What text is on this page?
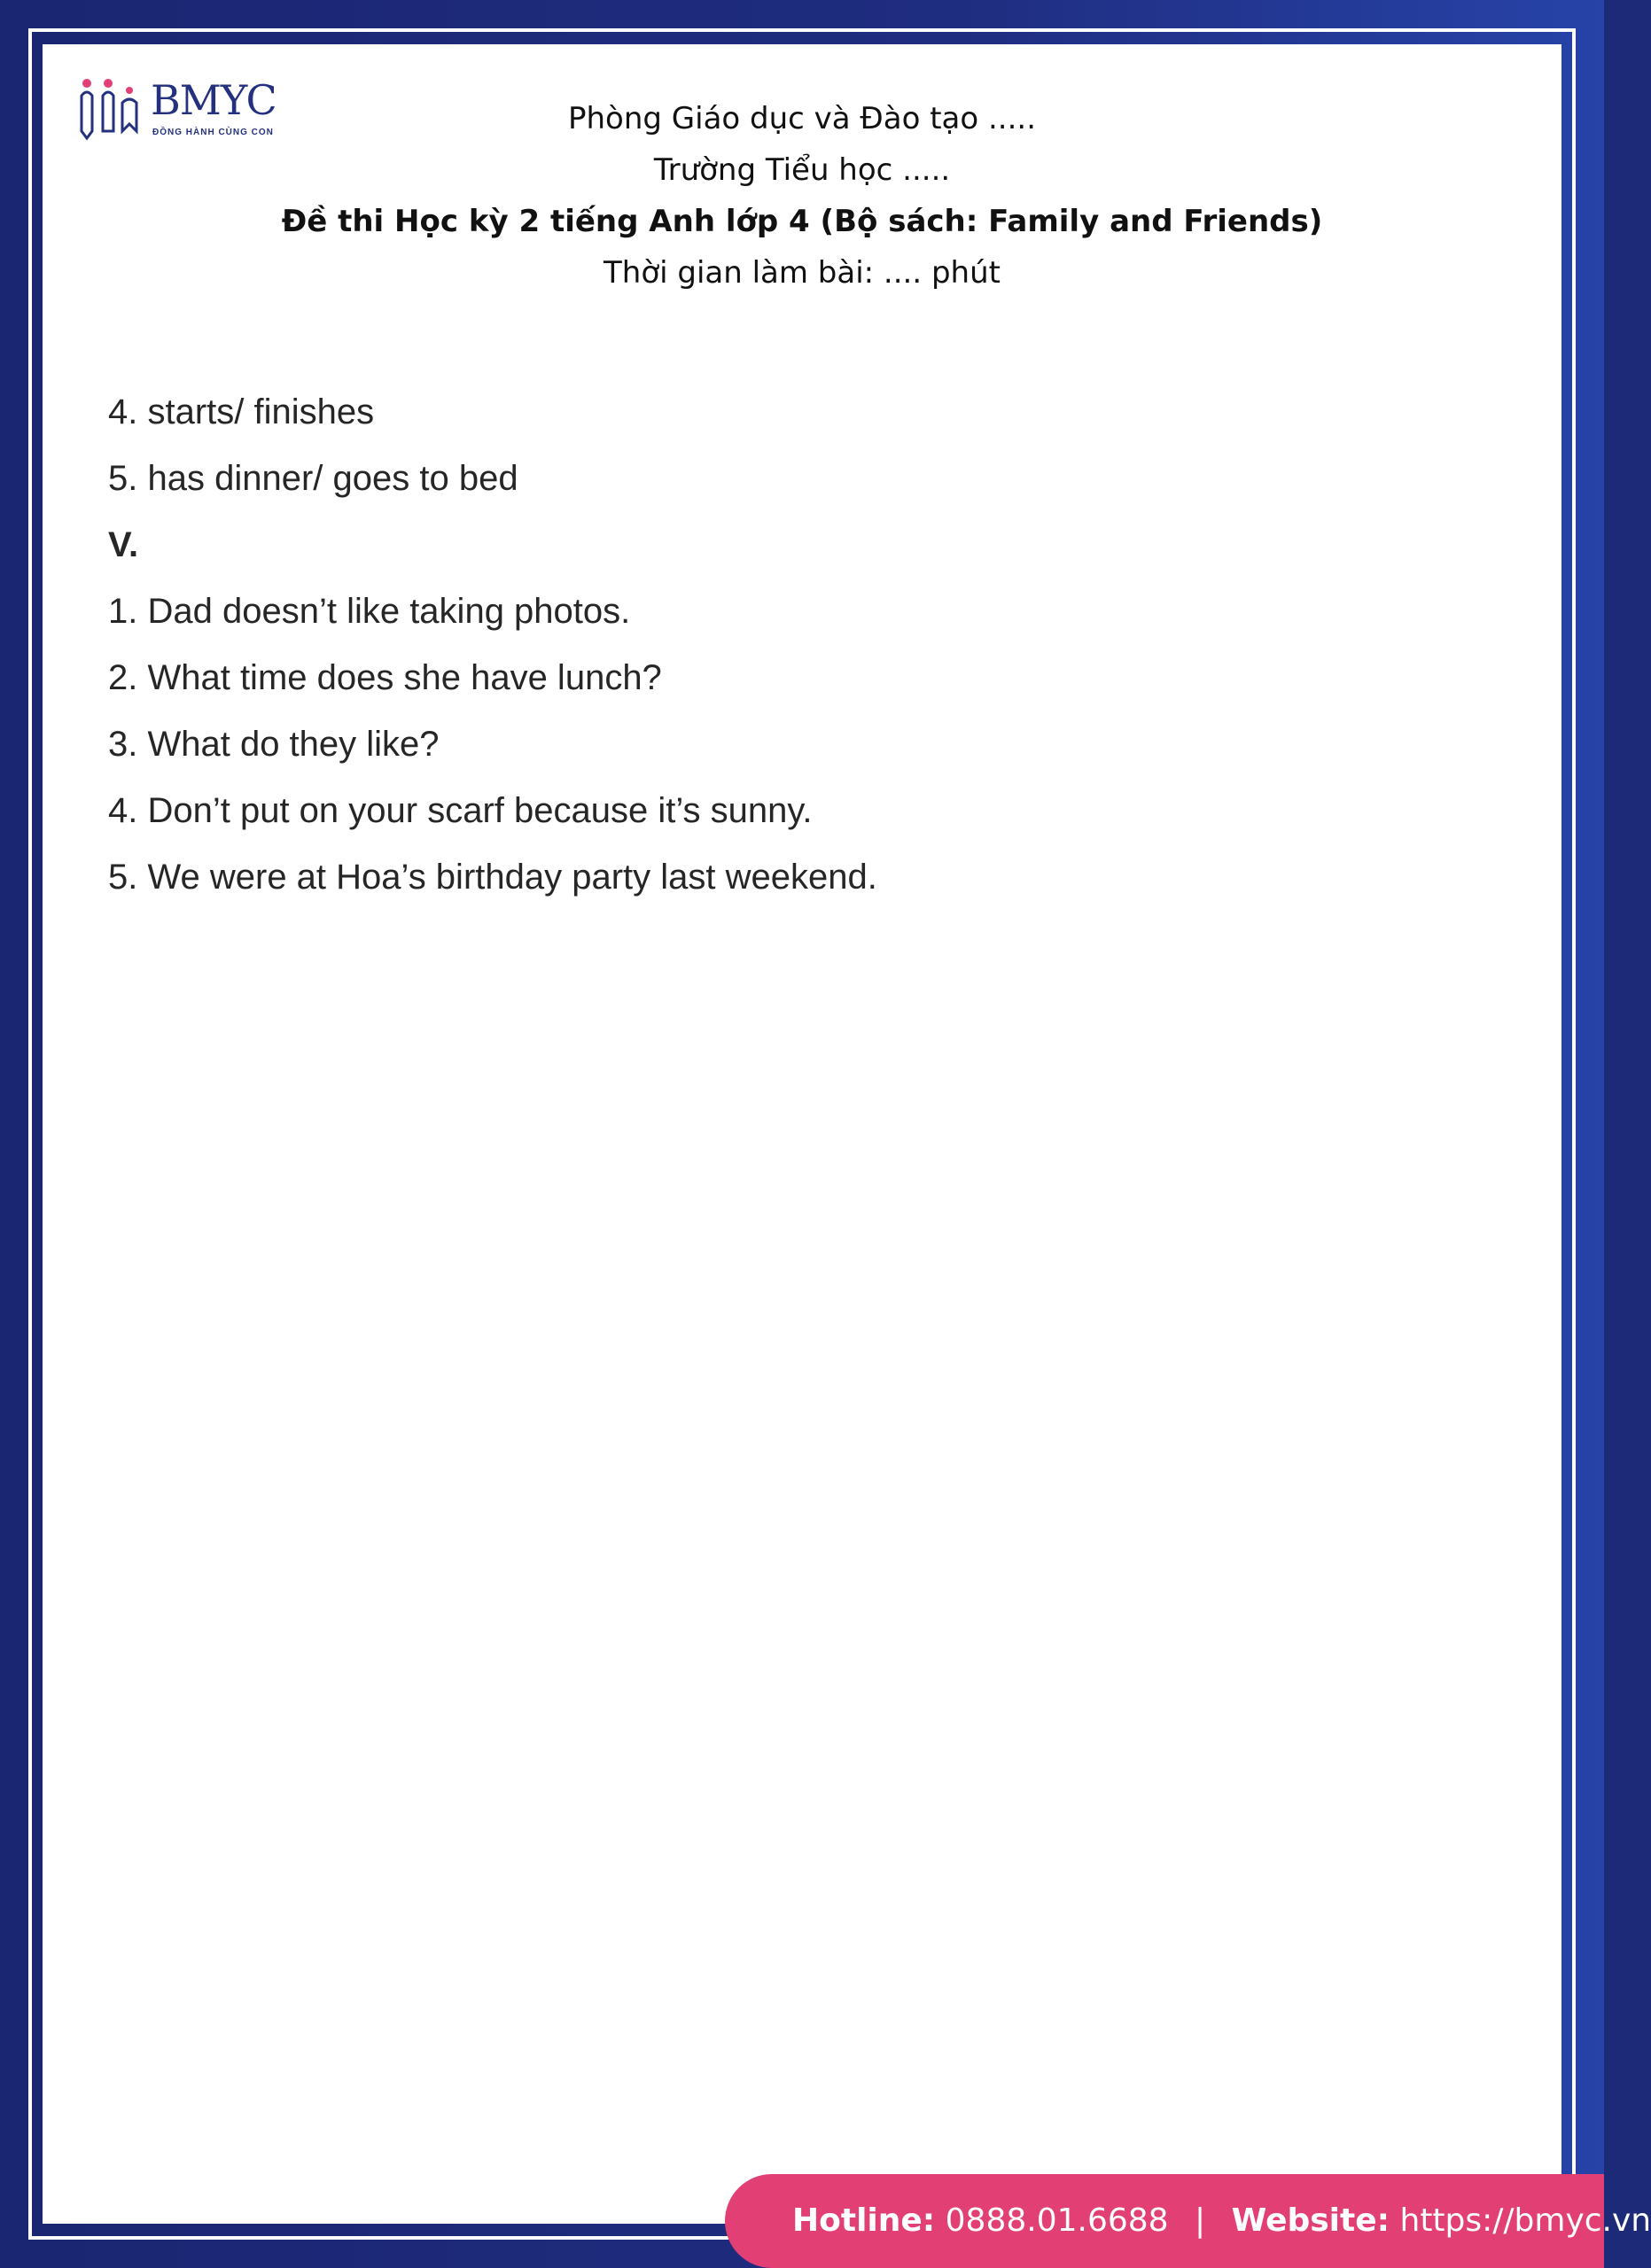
BMYC
ĐỒNG HÀNH CÙNG CON	Phòng Giáo dục và Đào tạo .....
Trường Tiểu học .....
Đề thi Học kỳ 2 tiếng Anh lớp 4 (Bộ sách: Family and Friends)
Thời gian làm bài: .... phút
4. starts/ finishes
5. has dinner/ goes to bed
V.
1. Dad doesn’t like taking photos.
2. What time does she have lunch?
3. What do they like?
4. Don’t put on your scarf because it’s sunny.
5. We were at Hoa’s birthday party last weekend.
Hotline: 0888.01.6688 | Website: https://bmyc.vn
